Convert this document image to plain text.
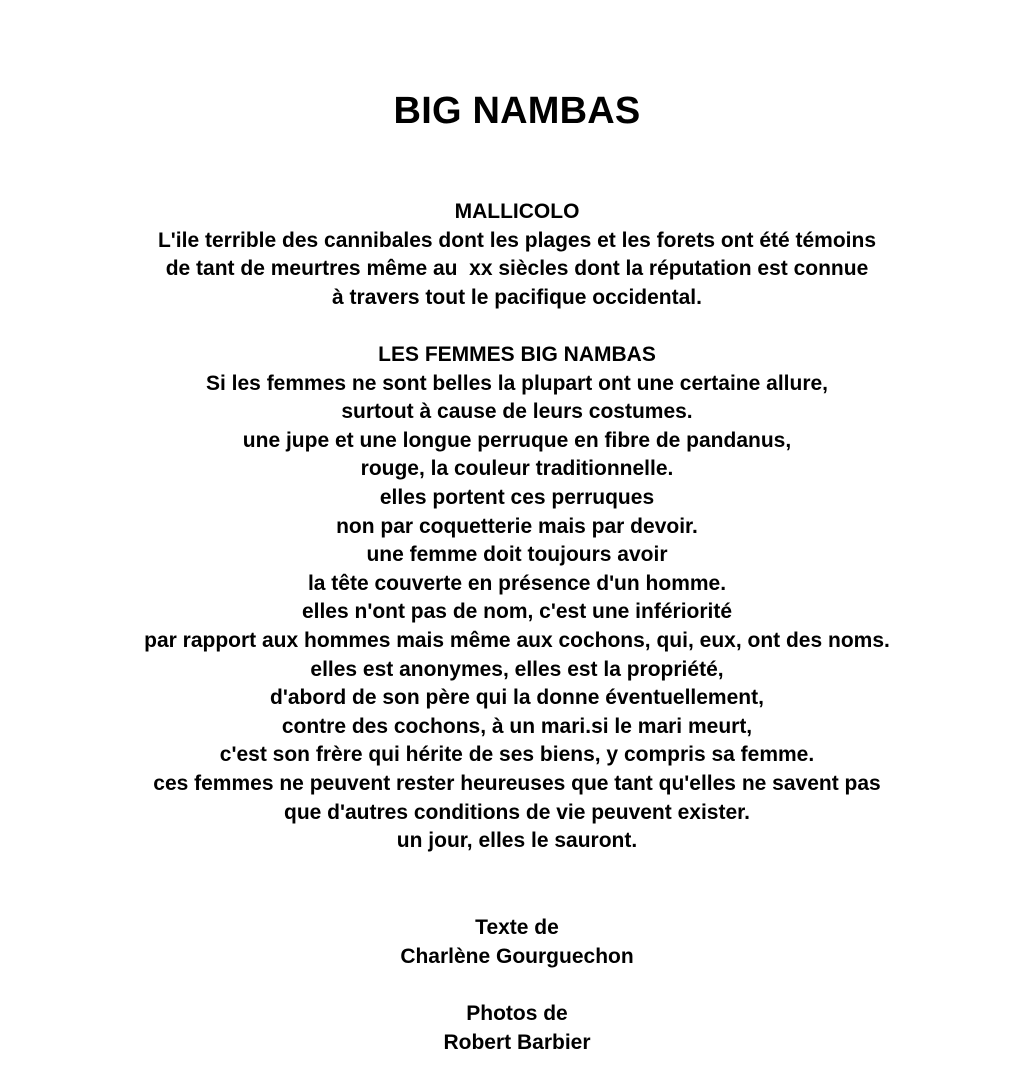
BIG NAMBAS
MALLICOLO
L'ile terrible des cannibales dont les plages et les forets ont été témoins
de tant de meurtres même au  xx siècles dont la réputation est connue
à travers tout le pacifique occidental.
LES FEMMES BIG NAMBAS
Si les femmes ne sont belles la plupart ont une certaine allure,
surtout à cause de leurs costumes.
une jupe et une longue perruque en fibre de pandanus,
rouge, la couleur traditionnelle.
elles portent ces perruques
non par coquetterie mais par devoir.
une femme doit toujours avoir
la tête couverte en présence d'un homme.
elles n'ont pas de nom, c'est une infériorité
par rapport aux hommes mais même aux cochons, qui, eux, ont des noms.
elles est anonymes, elles est la propriété,
d'abord de son père qui la donne éventuellement,
contre des cochons, à un mari.si le mari meurt,
c'est son frère qui hérite de ses biens, y compris sa femme.
ces femmes ne peuvent rester heureuses que tant qu'elles ne savent pas
que d'autres conditions de vie peuvent exister.
un jour, elles le sauront.
Texte de
Charlène Gourguechon
Photos de
Robert Barbier
